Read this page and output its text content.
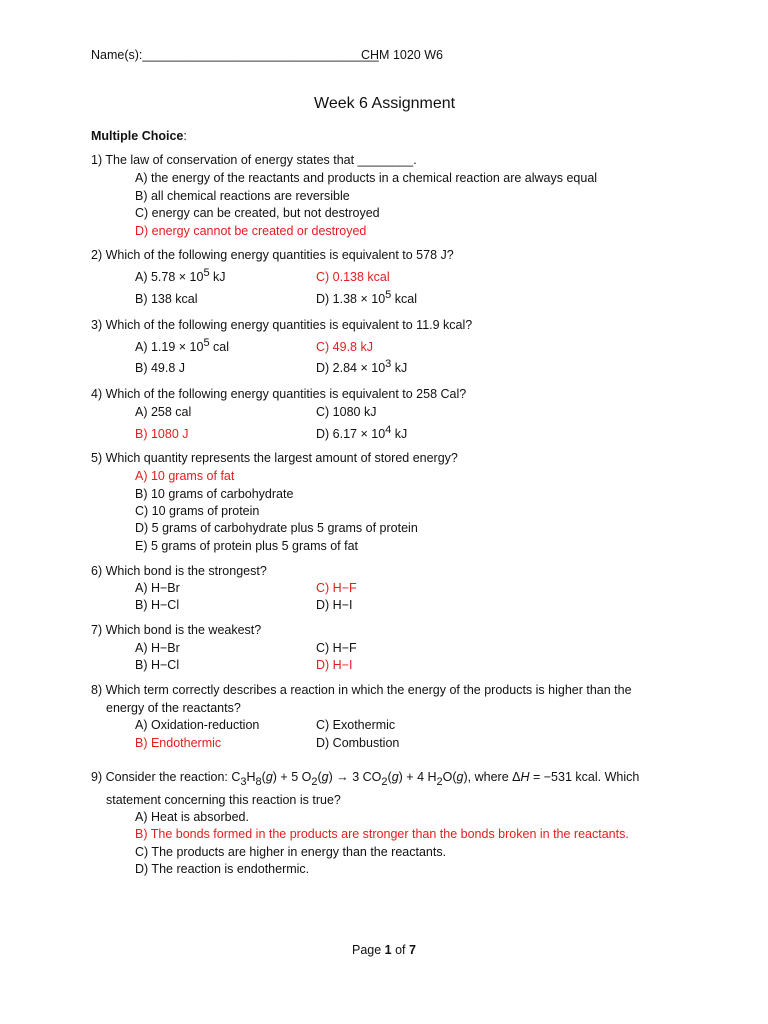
Name(s):__________________________________
CHM 1020 W6
Week 6 Assignment
Multiple Choice:
1) The law of conservation of energy states that ________.
A) the energy of the reactants and products in a chemical reaction are always equal
B) all chemical reactions are reversible
C) energy can be created, but not destroyed
D) energy cannot be created or destroyed
2) Which of the following energy quantities is equivalent to 578 J?
A) 5.78 × 105 kJ	C) 0.138 kcal
B) 138 kcal	D) 1.38 × 105 kcal
3) Which of the following energy quantities is equivalent to 11.9 kcal?
A) 1.19 × 105 cal	C) 49.8 kJ
B) 49.8 J	D) 2.84 × 103 kJ
4) Which of the following energy quantities is equivalent to 258 Cal?
A) 258 cal	C) 1080 kJ
B) 1080 J	D) 6.17 × 104 kJ
5) Which quantity represents the largest amount of stored energy?
A) 10 grams of fat
B) 10 grams of carbohydrate
C) 10 grams of protein
D) 5 grams of carbohydrate plus 5 grams of protein
E) 5 grams of protein plus 5 grams of fat
6) Which bond is the strongest?
A) H−Br	C) H−F
B) H−Cl	D) H−I
7) Which bond is the weakest?
A) H−Br	C) H−F
B) H−Cl	D) H−I
8) Which term correctly describes a reaction in which the energy of the products is higher than the
energy of the reactants?
A) Oxidation-reduction	C) Exothermic
B) Endothermic	D) Combustion
9) Consider the reaction: C3H8(g) + 5 O2(g) → 3 CO2(g) + 4 H2O(g), where ΔH = −531 kcal. Which
statement concerning this reaction is true?
A) Heat is absorbed.
B) The bonds formed in the products are stronger than the bonds broken in the reactants.
C) The products are higher in energy than the reactants.
D) The reaction is endothermic.
Page 1 of 7
